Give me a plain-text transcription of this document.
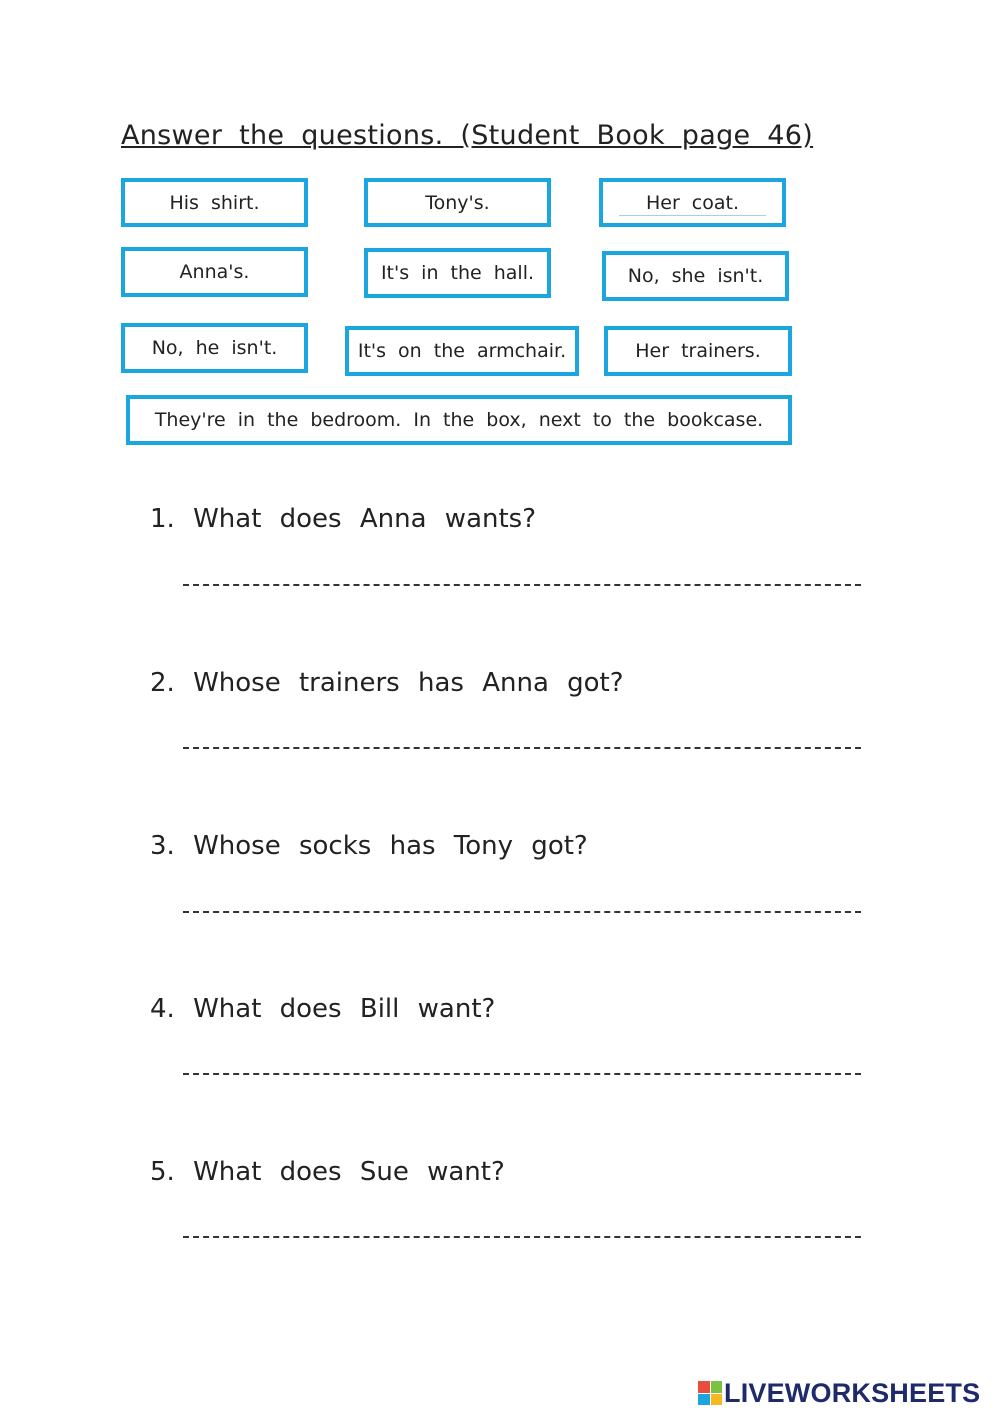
Answer the questions. (Student Book page 46)
His shirt.	Tony's.	Her coat.
Anna's.	It's in the hall.	No, she isn't.
No, he isn't.	It's on the armchair.	Her trainers.
They're in the bedroom. In the box, next to the bookcase.
1. What does Anna wants?
2. Whose trainers has Anna got?
3. Whose socks has Tony got?
4. What does Bill want?
5. What does Sue want?
LIVEWORKSHEETS
